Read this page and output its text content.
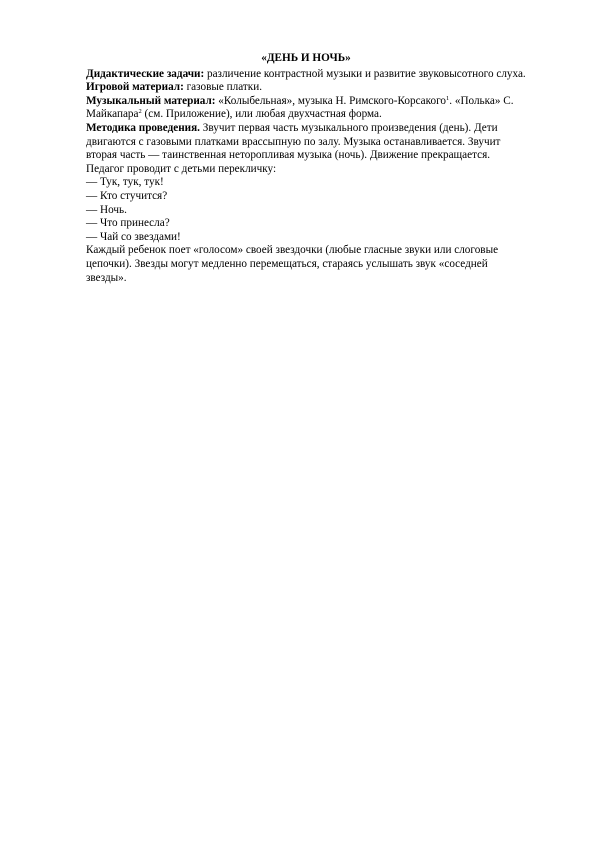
«ДЕНЬ И НОЧЬ»

Дидактические задачи: различение контрастной музыки и развитие звуковысотного слуха.

Игровой материал: газовые платки.

Музыкальный материал: «Колыбельная», музыка Н. Римского-Корсакого$^1$. «Полька» С. Майкапара$^2$ (см. Приложение), или любая двухчастная форма.

Методика проведения. Звучит первая часть музыкального произведения (день). Дети двигаются с газовыми платками врассыпную по залу. Музыка останавливается. Звучит вторая часть — таинственная неторопливая музыка (ночь). Движение прекращается.

Педагог проводит с детьми перекличку:

— Тук, тук, тук!

— Кто стучится?

— Ночь.

— Что принесла?

— Чай со звездами!

Каждый ребенок поет «голосом» своей звездочки (любые гласные звуки или слоговые цепочки). Звезды могут медленно перемещаться, стараясь услышать звук «соседней звезды».
